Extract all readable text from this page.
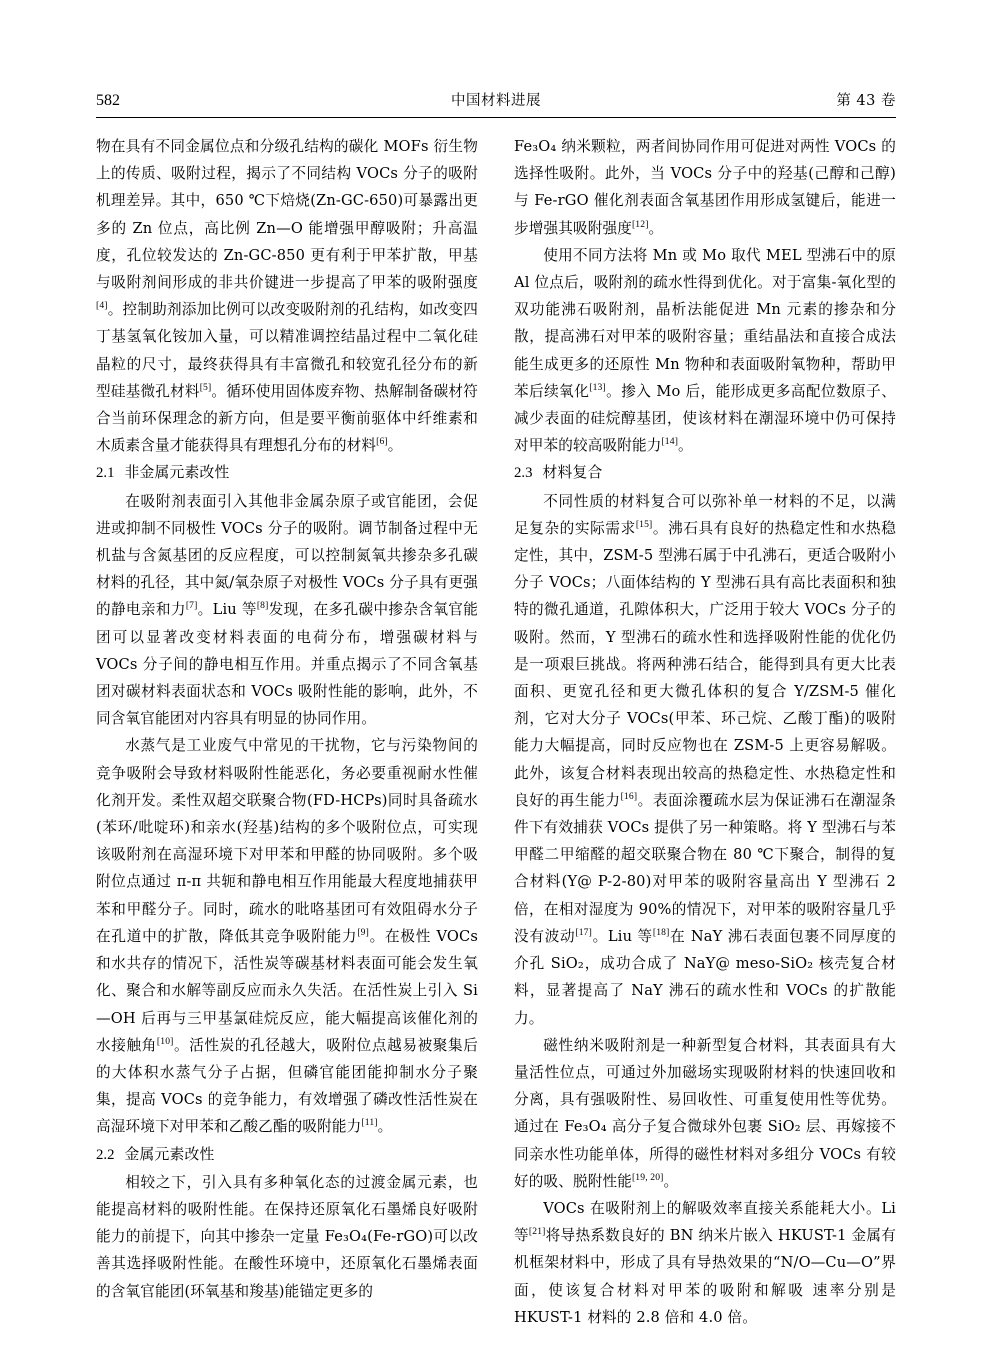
582	中国材料进展	第 43 卷

物在具有不同金属位点和分级孔结构的碳化 MOFs 衍生物上的传质、吸附过程，揭示了不同结构 VOCs 分子的吸附机理差异。其中，650 ℃下焙烧(Zn-GC-650)可暴露出更多的 Zn 位点，高比例 Zn—O 能增强甲醇吸附；升高温度，孔位较发达的 Zn-GC-850 更有利于甲苯扩散，甲基与吸附剂间形成的非共价键进一步提高了甲苯的吸附强度[4]。控制助剂添加比例可以改变吸附剂的孔结构，如改变四丁基氢氧化铵加入量，可以精准调控结晶过程中二氧化硅晶粒的尺寸，最终获得具有丰富微孔和较宽孔径分布的新型硅基微孔材料[5]。循环使用固体废弃物、热解制备碳材符合当前环保理念的新方向，但是要平衡前驱体中纤维素和木质素含量才能获得具有理想孔分布的材料[6]。

2.1 非金属元素改性

在吸附剂表面引入其他非金属杂原子或官能团，会促进或抑制不同极性 VOCs 分子的吸附。调节制备过程中无机盐与含氮基团的反应程度，可以控制氮氧共掺杂多孔碳材料的孔径，其中氮/氧杂原子对极性 VOCs 分子具有更强的静电亲和力[7]。Liu 等[8]发现，在多孔碳中掺杂含氧官能团可以显著改变材料表面的电荷分布，增强碳材料与 VOCs 分子间的静电相互作用。并重点揭示了不同含氧基团对碳材料表面状态和 VOCs 吸附性能的影响，此外，不同含氧官能团对内容具有明显的协同作用。

水蒸气是工业废气中常见的干扰物，它与污染物间的竞争吸附会导致材料吸附性能恶化，务必要重视耐水性催化剂开发。柔性双超交联聚合物(FD-HCPs)同时具备疏水(苯环/吡啶环)和亲水(羟基)结构的多个吸附位点，可实现该吸附剂在高湿环境下对甲苯和甲醛的协同吸附。多个吸附位点通过 π-π 共轭和静电相互作用能最大程度地捕获甲苯和甲醛分子。同时，疏水的吡咯基团可有效阻碍水分子在孔道中的扩散，降低其竞争吸附能力[9]。在极性 VOCs 和水共存的情况下，活性炭等碳基材料表面可能会发生氧化、聚合和水解等副反应而永久失活。在活性炭上引入 Si—OH 后再与三甲基氯硅烷反应，能大幅提高该催化剂的水接触角[10]。活性炭的孔径越大，吸附位点越易被聚集后的大体积水蒸气分子占据，但磷官能团能抑制水分子聚集，提高 VOCs 的竞争能力，有效增强了磷改性活性炭在高湿环境下对甲苯和乙酸乙酯的吸附能力[11]。

2.2 金属元素改性

相较之下，引入具有多种氧化态的过渡金属元素，也能提高材料的吸附性能。在保持还原氧化石墨烯良好吸附能力的前提下，向其中掺杂一定量 Fe₃O₄(Fe-rGO)可以改善其选择吸附性能。在酸性环境中，还原氧化石墨烯表面的含氧官能团(环氧基和羧基)能锚定更多的

Fe₃O₄ 纳米颗粒，两者间协同作用可促进对两性 VOCs 的选择性吸附。此外，当 VOCs 分子中的羟基(己醇和己醇)与 Fe-rGO 催化剂表面含氧基团作用形成氢键后，能进一步增强其吸附强度[12]。

使用不同方法将 Mn 或 Mo 取代 MEL 型沸石中的原 Al 位点后，吸附剂的疏水性得到优化。对于富集-氧化型的双功能沸石吸附剂，晶析法能促进 Mn 元素的掺杂和分散，提高沸石对甲苯的吸附容量；重结晶法和直接合成法能生成更多的还原性 Mn 物种和表面吸附氧物种，帮助甲苯后续氧化[13]。掺入 Mo 后，能形成更多高配位数原子、减少表面的硅烷醇基团，使该材料在潮湿环境中仍可保持对甲苯的较高吸附能力[14]。

2.3 材料复合

不同性质的材料复合可以弥补单一材料的不足，以满足复杂的实际需求[15]。沸石具有良好的热稳定性和水热稳定性，其中，ZSM-5 型沸石属于中孔沸石，更适合吸附小分子 VOCs；八面体结构的 Y 型沸石具有高比表面积和独特的微孔通道，孔隙体积大，广泛用于较大 VOCs 分子的吸附。然而，Y 型沸石的疏水性和选择吸附性能的优化仍是一项艰巨挑战。将两种沸石结合，能得到具有更大比表面积、更宽孔径和更大微孔体积的复合 Y/ZSM-5 催化剂，它对大分子 VOCs(甲苯、环己烷、乙酸丁酯)的吸附能力大幅提高，同时反应物也在 ZSM-5 上更容易解吸。此外，该复合材料表现出较高的热稳定性、水热稳定性和良好的再生能力[16]。表面涂覆疏水层为保证沸石在潮湿条件下有效捕获 VOCs 提供了另一种策略。将 Y 型沸石与苯甲醛二甲缩醛的超交联聚合物在 80 ℃下聚合，制得的复合材料(Y@ P-2-80)对甲苯的吸附容量高出 Y 型沸石 2 倍，在相对湿度为 90%的情况下，对甲苯的吸附容量几乎没有波动[17]。Liu 等[18]在 NaY 沸石表面包裹不同厚度的介孔 SiO₂，成功合成了 NaY@ meso-SiO₂ 核壳复合材料，显著提高了 NaY 沸石的疏水性和 VOCs 的扩散能力。

磁性纳米吸附剂是一种新型复合材料，其表面具有大量活性位点，可通过外加磁场实现吸附材料的快速回收和分离，具有强吸附性、易回收性、可重复使用性等优势。通过在 Fe₃O₄ 高分子复合微球外包裹 SiO₂ 层、再嫁接不同亲水性功能单体，所得的磁性材料对多组分 VOCs 有较好的吸、脱附性能[19, 20]。

VOCs 在吸附剂上的解吸效率直接关系能耗大小。Li 等[21]将导热系数良好的 BN 纳米片嵌入 HKUST-1 金属有机框架材料中，形成了具有导热效果的“N/O—Cu—O”界面，使该复合材料对甲苯的吸附和解吸 速率分别是 HKUST-1 材料的 2.8 倍和 4.0 倍。
